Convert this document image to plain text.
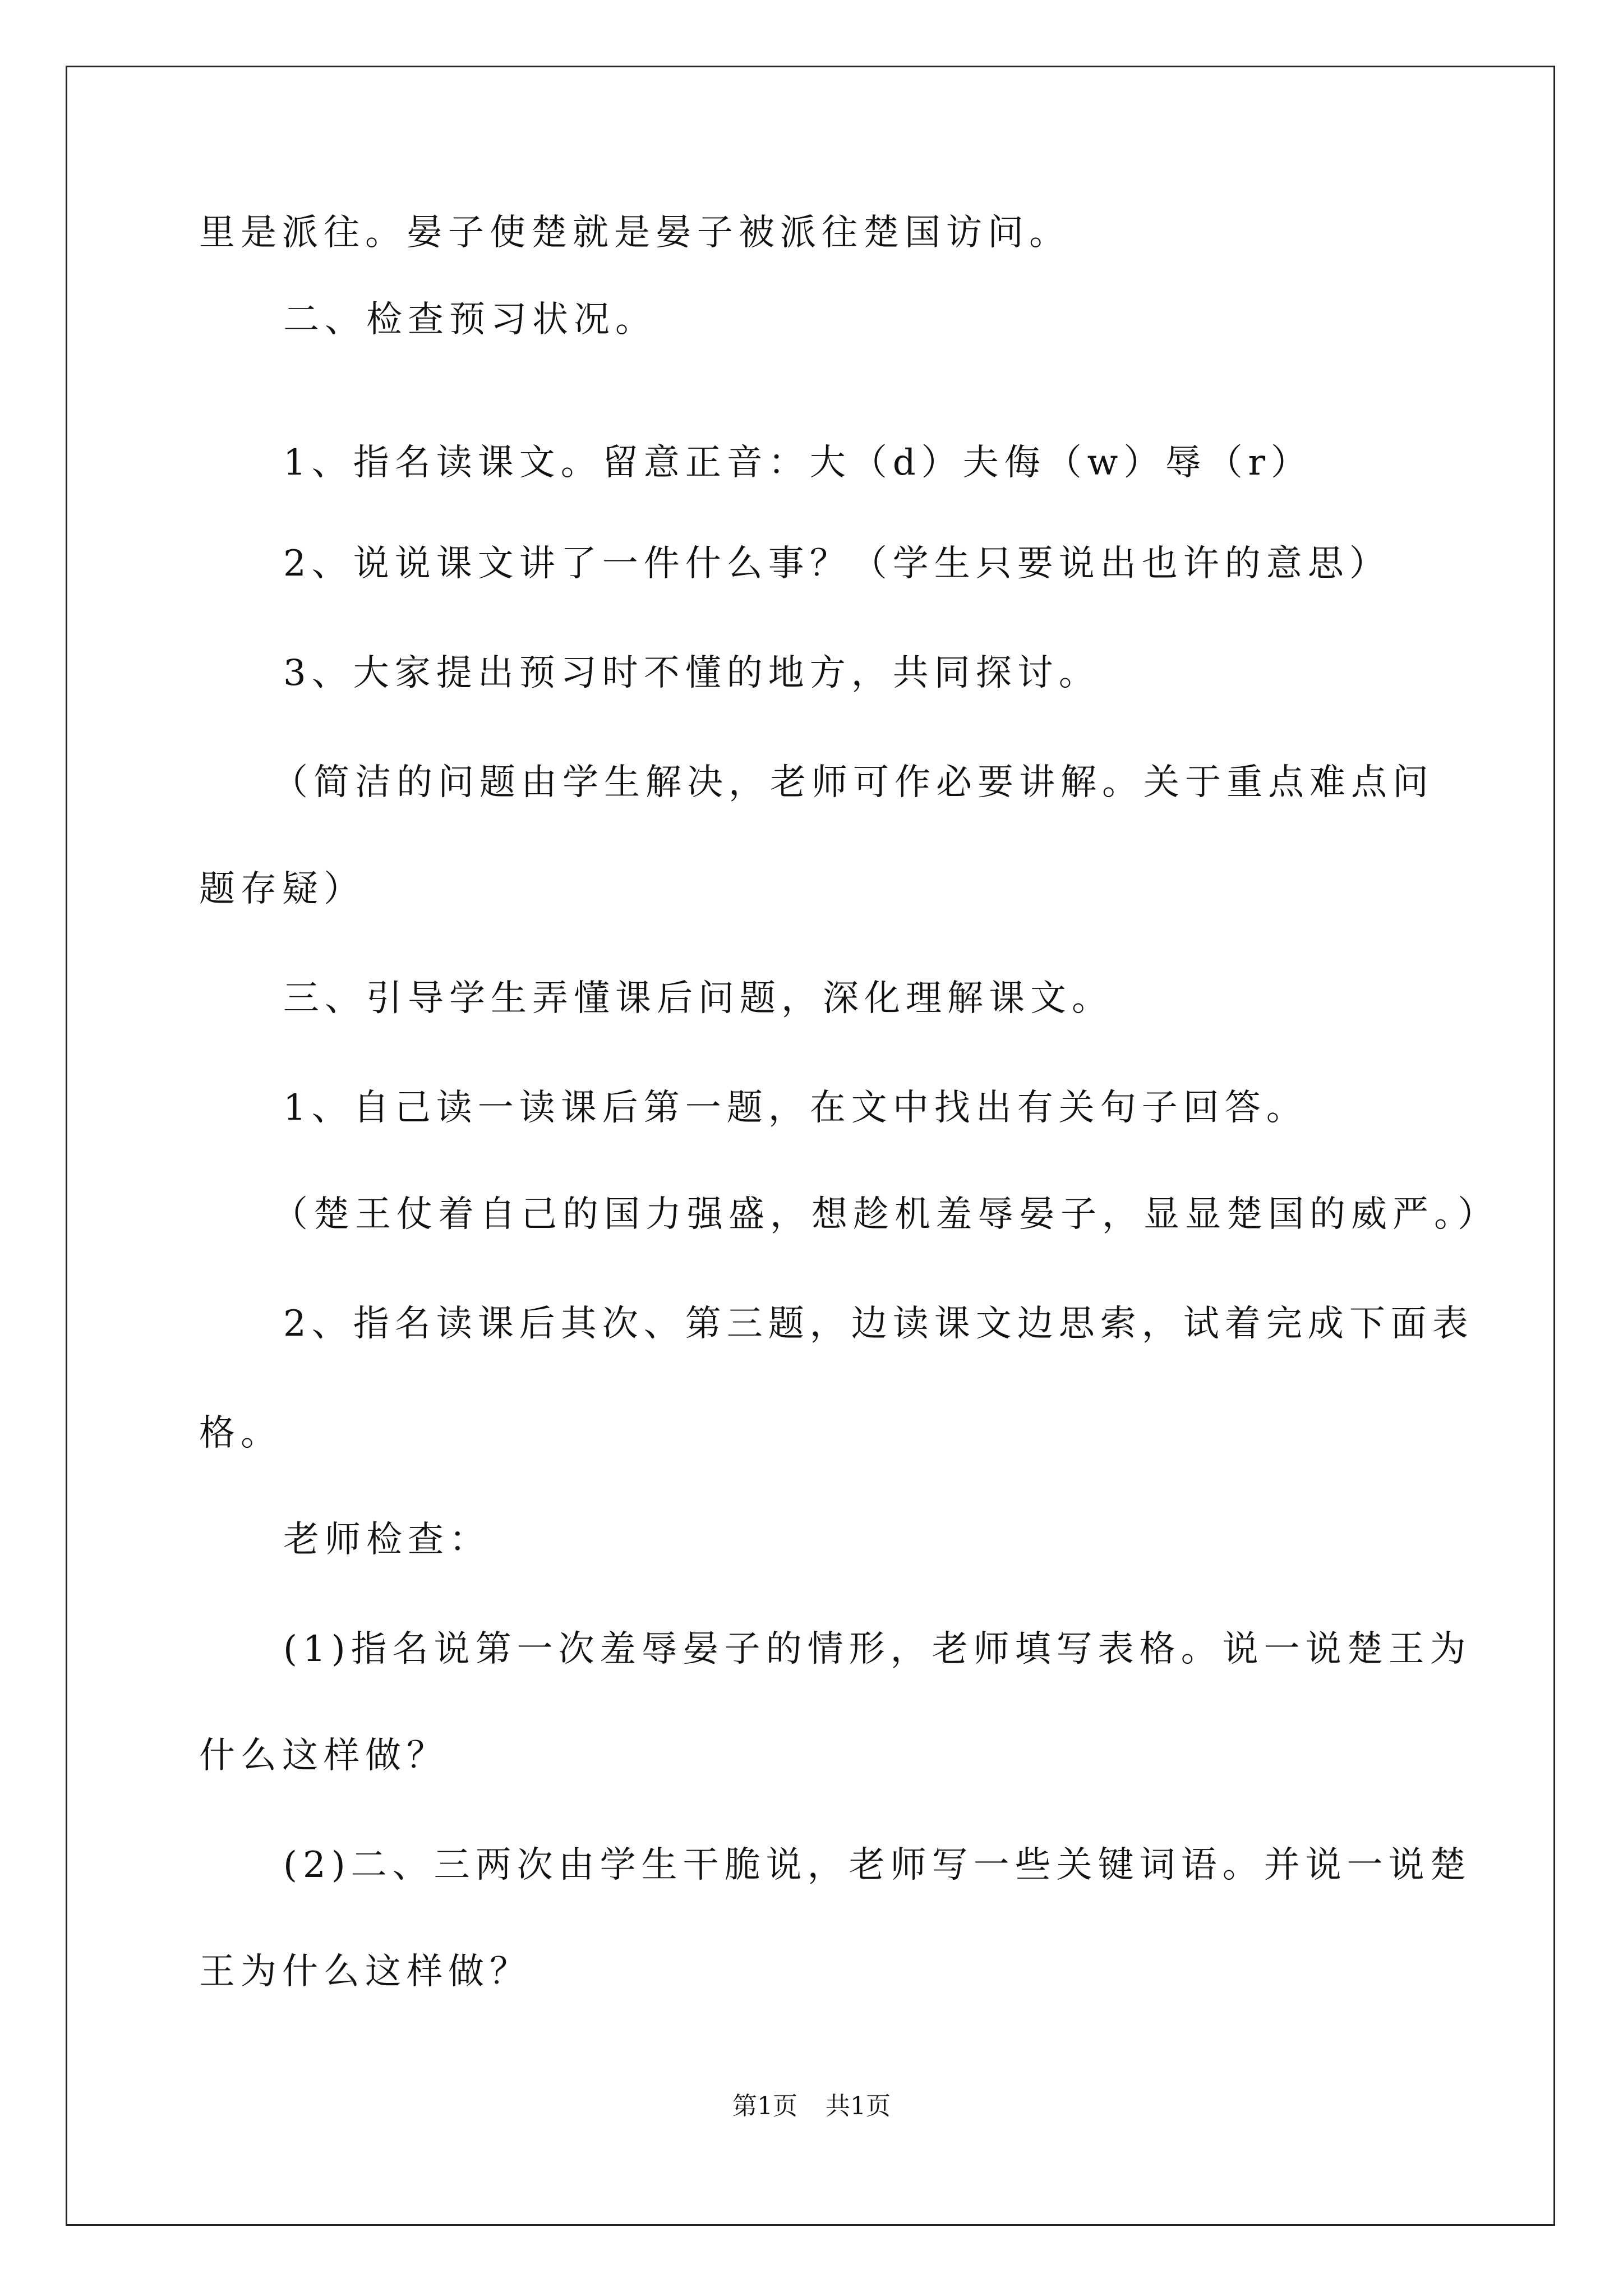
里是派往。晏子使楚就是晏子被派往楚国访问。
二、检查预习状况。
1、指名读课文。留意正音：大（d）夫侮（w）辱（r）
2、说说课文讲了一件什么事？（学生只要说出也许的意思）
3、大家提出预习时不懂的地方，共同探讨。
（简洁的问题由学生解决，老师可作必要讲解。关于重点难点问
题存疑）
三、引导学生弄懂课后问题，深化理解课文。
1、自己读一读课后第一题，在文中找出有关句子回答。
（楚王仗着自己的国力强盛，想趁机羞辱晏子，显显楚国的威严。）
2、指名读课后其次、第三题，边读课文边思索，试着完成下面表
格。
老师检查：
(1)指名说第一次羞辱晏子的情形，老师填写表格。说一说楚王为
什么这样做？
(2)二、三两次由学生干脆说，老师写一些关键词语。并说一说楚
王为什么这样做？
第1页 共1页
